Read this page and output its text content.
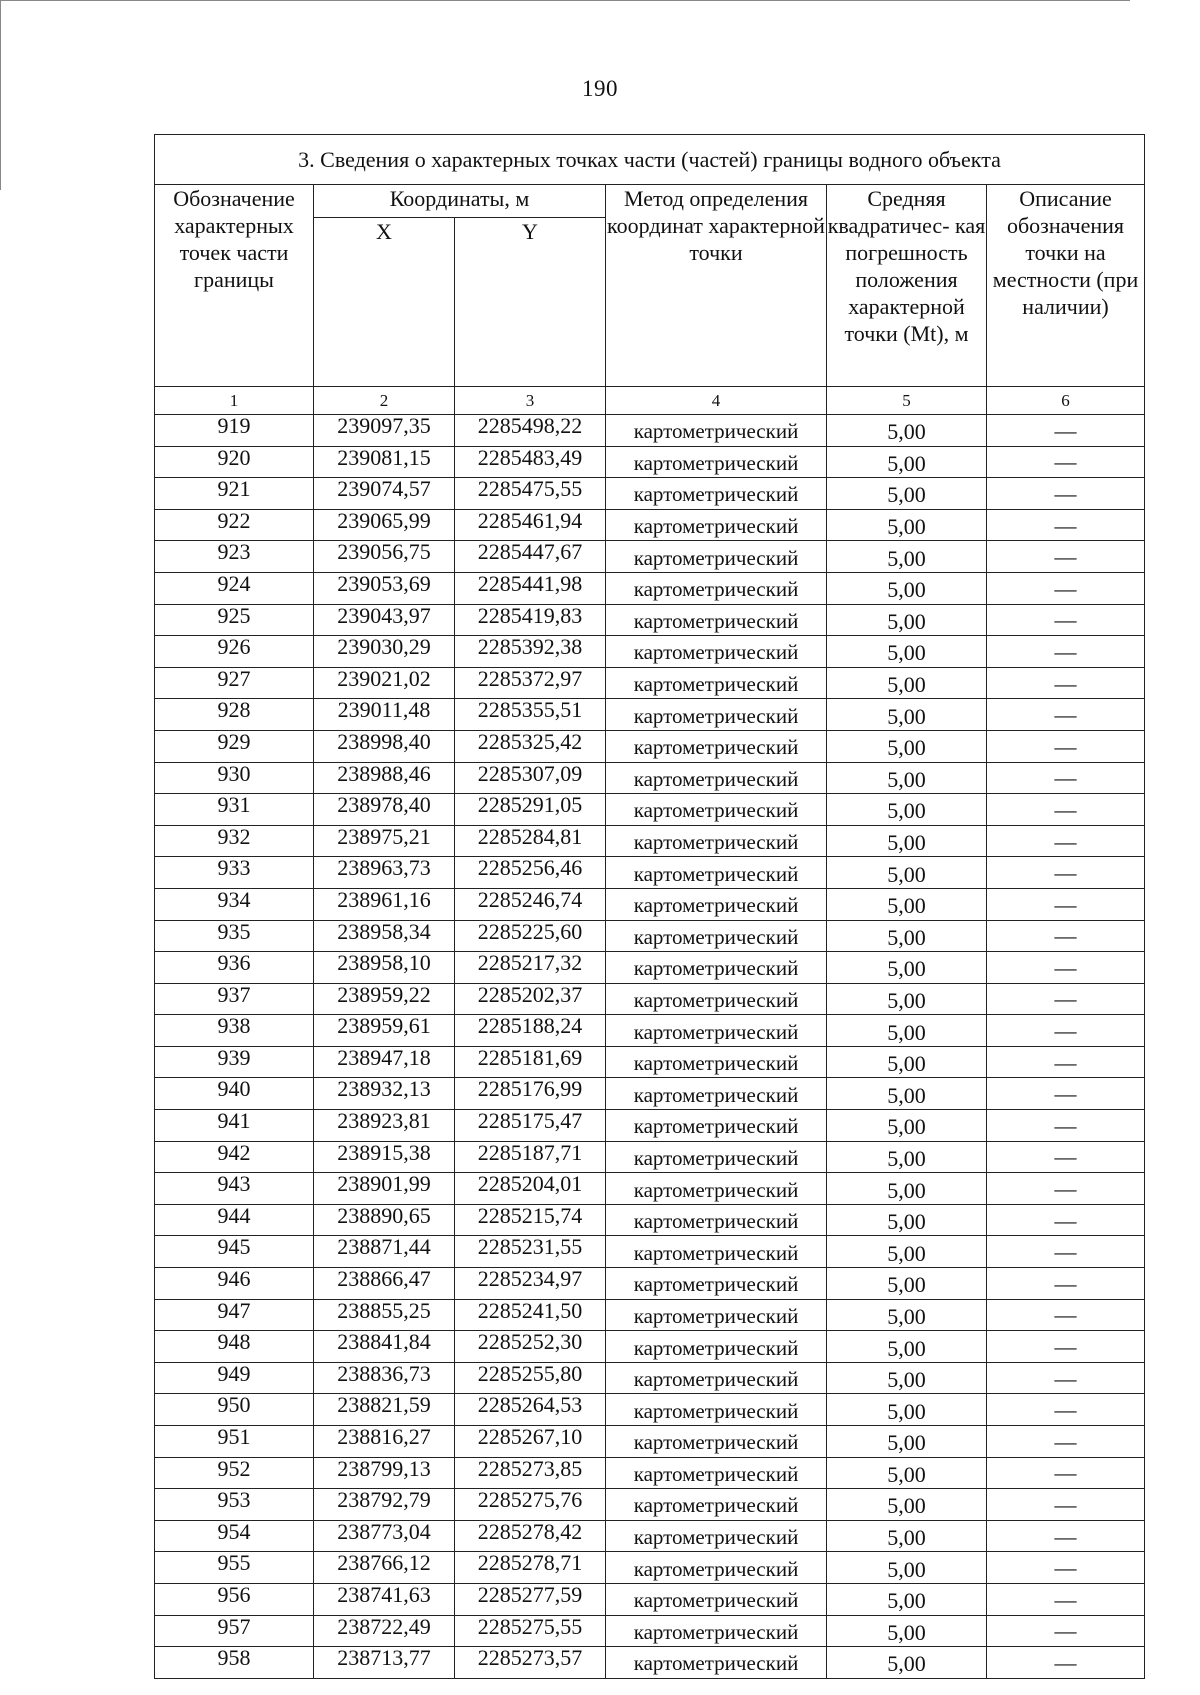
190
3. Сведения о характерных точках части (частей) границы водного объекта					
Обозначение характерных точек части границы	Координаты, м		Метод определения координат характерной точки	Средняя квадратичес- кая погрешность положения характерной точки (Mt), м	Описание обозначения точки на местности (при наличии)
	X	Y			
1	2	3	4	5	6
919	239097,35	2285498,22	картометрический	5,00	—
920	239081,15	2285483,49	картометрический	5,00	—
921	239074,57	2285475,55	картометрический	5,00	—
922	239065,99	2285461,94	картометрический	5,00	—
923	239056,75	2285447,67	картометрический	5,00	—
924	239053,69	2285441,98	картометрический	5,00	—
925	239043,97	2285419,83	картометрический	5,00	—
926	239030,29	2285392,38	картометрический	5,00	—
927	239021,02	2285372,97	картометрический	5,00	—
928	239011,48	2285355,51	картометрический	5,00	—
929	238998,40	2285325,42	картометрический	5,00	—
930	238988,46	2285307,09	картометрический	5,00	—
931	238978,40	2285291,05	картометрический	5,00	—
932	238975,21	2285284,81	картометрический	5,00	—
933	238963,73	2285256,46	картометрический	5,00	—
934	238961,16	2285246,74	картометрический	5,00	—
935	238958,34	2285225,60	картометрический	5,00	—
936	238958,10	2285217,32	картометрический	5,00	—
937	238959,22	2285202,37	картометрический	5,00	—
938	238959,61	2285188,24	картометрический	5,00	—
939	238947,18	2285181,69	картометрический	5,00	—
940	238932,13	2285176,99	картометрический	5,00	—
941	238923,81	2285175,47	картометрический	5,00	—
942	238915,38	2285187,71	картометрический	5,00	—
943	238901,99	2285204,01	картометрический	5,00	—
944	238890,65	2285215,74	картометрический	5,00	—
945	238871,44	2285231,55	картометрический	5,00	—
946	238866,47	2285234,97	картометрический	5,00	—
947	238855,25	2285241,50	картометрический	5,00	—
948	238841,84	2285252,30	картометрический	5,00	—
949	238836,73	2285255,80	картометрический	5,00	—
950	238821,59	2285264,53	картометрический	5,00	—
951	238816,27	2285267,10	картометрический	5,00	—
952	238799,13	2285273,85	картометрический	5,00	—
953	238792,79	2285275,76	картометрический	5,00	—
954	238773,04	2285278,42	картометрический	5,00	—
955	238766,12	2285278,71	картометрический	5,00	—
956	238741,63	2285277,59	картометрический	5,00	—
957	238722,49	2285275,55	картометрический	5,00	—
958	238713,77	2285273,57	картометрический	5,00	—
